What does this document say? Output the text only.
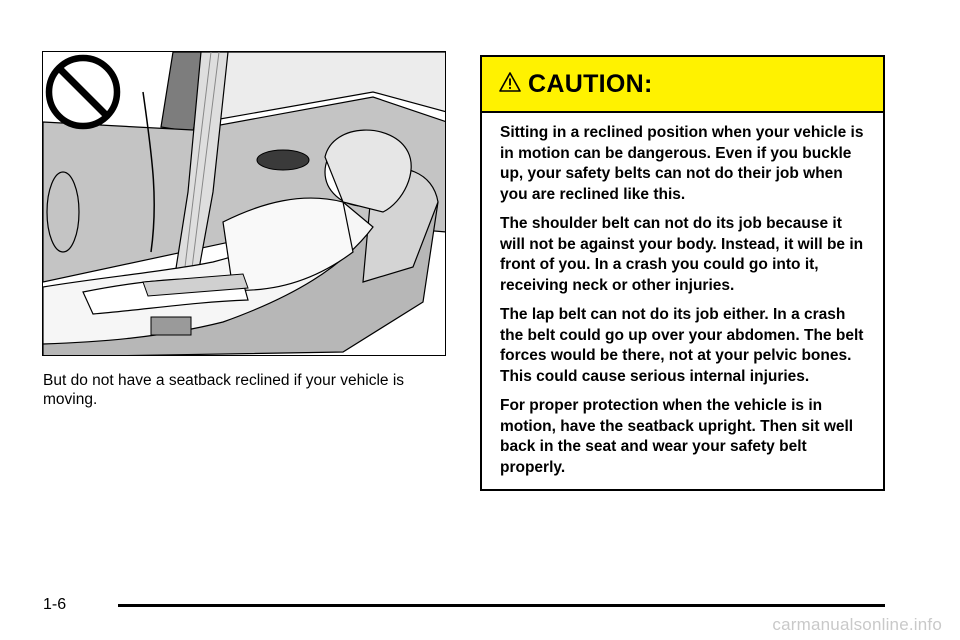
But do not have a seatback reclined if your vehicle is moving.
CAUTION:

Sitting in a reclined position when your vehicle is in motion can be dangerous. Even if you buckle up, your safety belts can not do their job when you are reclined like this.

The shoulder belt can not do its job because it will not be against your body. Instead, it will be in front of you. In a crash you could go into it, receiving neck or other injuries.

The lap belt can not do its job either. In a crash the belt could go up over your abdomen. The belt forces would be there, not at your pelvic bones. This could cause serious internal injuries.

For proper protection when the vehicle is in motion, have the seatback upright. Then sit well back in the seat and wear your safety belt properly.

1-6
carmanualsonline.info
